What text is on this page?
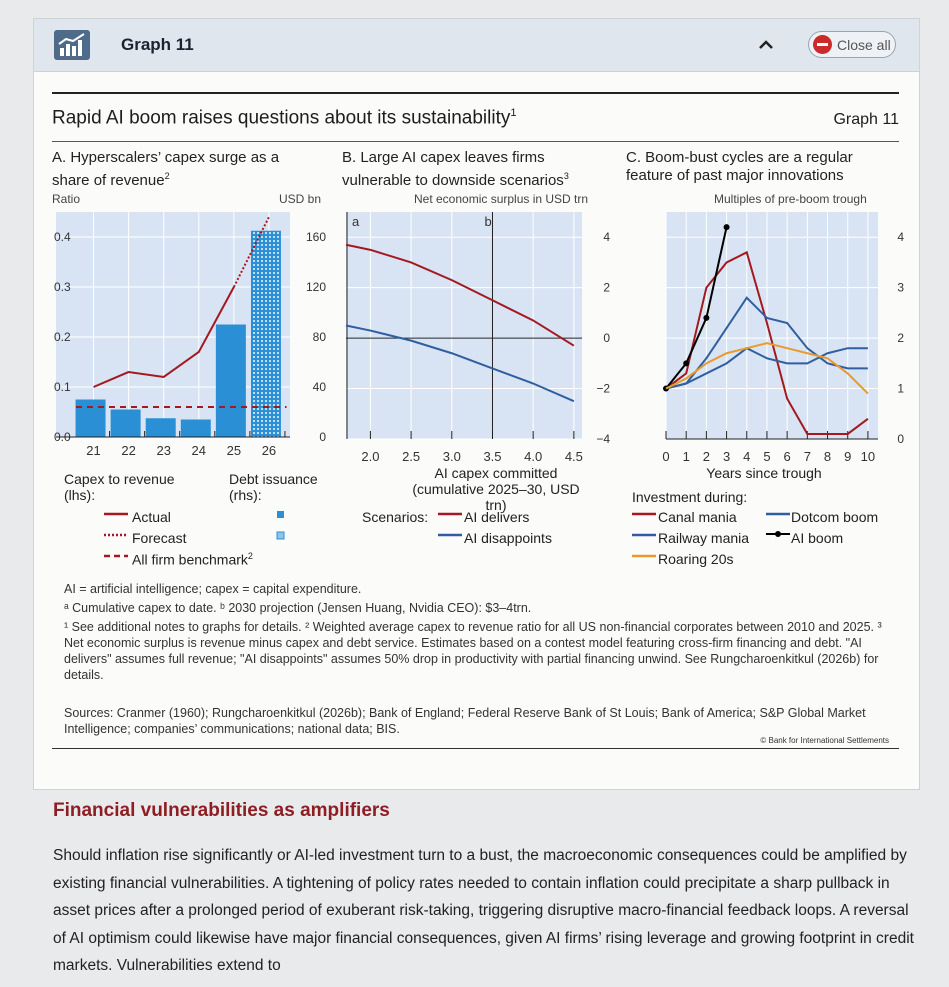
Graph 11	Close all
Rapid AI boom raises questions about its sustainability$^1$	Graph 11
A. Hyperscalers’ capex surge as a share of revenue$^2$
B. Large AI capex leaves firms vulnerable to downside scenarios$^3$
C. Boom-bust cycles are a regular feature of past major innovations
Ratio	USD bn	Net economic surplus in USD trn	Multiples of pre-boom trough
0.0
0.1
0.2
0.3
0.4
0
40
80
120
160
21 22 23 24 25 26
4
2
0
−2
−4
2.0 2.5 3.0 3.5 4.0 4.5
a	b
0
1
2
3
4
0 1 2 3 4 5 6 7 8 9 10
AI capex committed (cumulative 2025–30, USD trn)
Years since trough
Capex to revenue (lhs):
Debt issuance (rhs):
Actual
Forecast
All firm benchmark$^2$
Scenarios:	AI delivers
AI disappoints
Investment during:
Canal mania	Dotcom boom
Railway mania	AI boom
Roaring 20s

AI = artificial intelligence; capex = capital expenditure.

ᵃ Cumulative capex to date. ᵇ 2030 projection (Jensen Huang, Nvidia CEO): $3–4trn.

¹ See additional notes to graphs for details. ² Weighted average capex to revenue ratio for all US non-financial corporates between 2010 and 2025. ³ Net economic surplus is revenue minus capex and debt service. Estimates based on a contest model featuring cross-firm financing and debt. "AI delivers" assumes full revenue; "AI disappoints" assumes 50% drop in productivity with partial financing unwind. See Rungcharoenkitkul (2026b) for details.

Sources: Cranmer (1960); Rungcharoenkitkul (2026b); Bank of England; Federal Reserve Bank of St Louis; Bank of America; S&P Global Market Intelligence; companies’ communications; national data; BIS.
© Bank for International Settlements
Financial vulnerabilities as amplifiers
Should inflation rise significantly or AI-led investment turn to a bust, the macroeconomic consequences could be amplified by existing financial vulnerabilities. A tightening of policy rates needed to contain inflation could precipitate a sharp pullback in asset prices after a prolonged period of exuberant risk-taking, triggering disruptive macro-financial feedback loops. A reversal of AI optimism could likewise have major financial consequences, given AI firms’ rising leverage and growing footprint in credit markets. Vulnerabilities extend to
